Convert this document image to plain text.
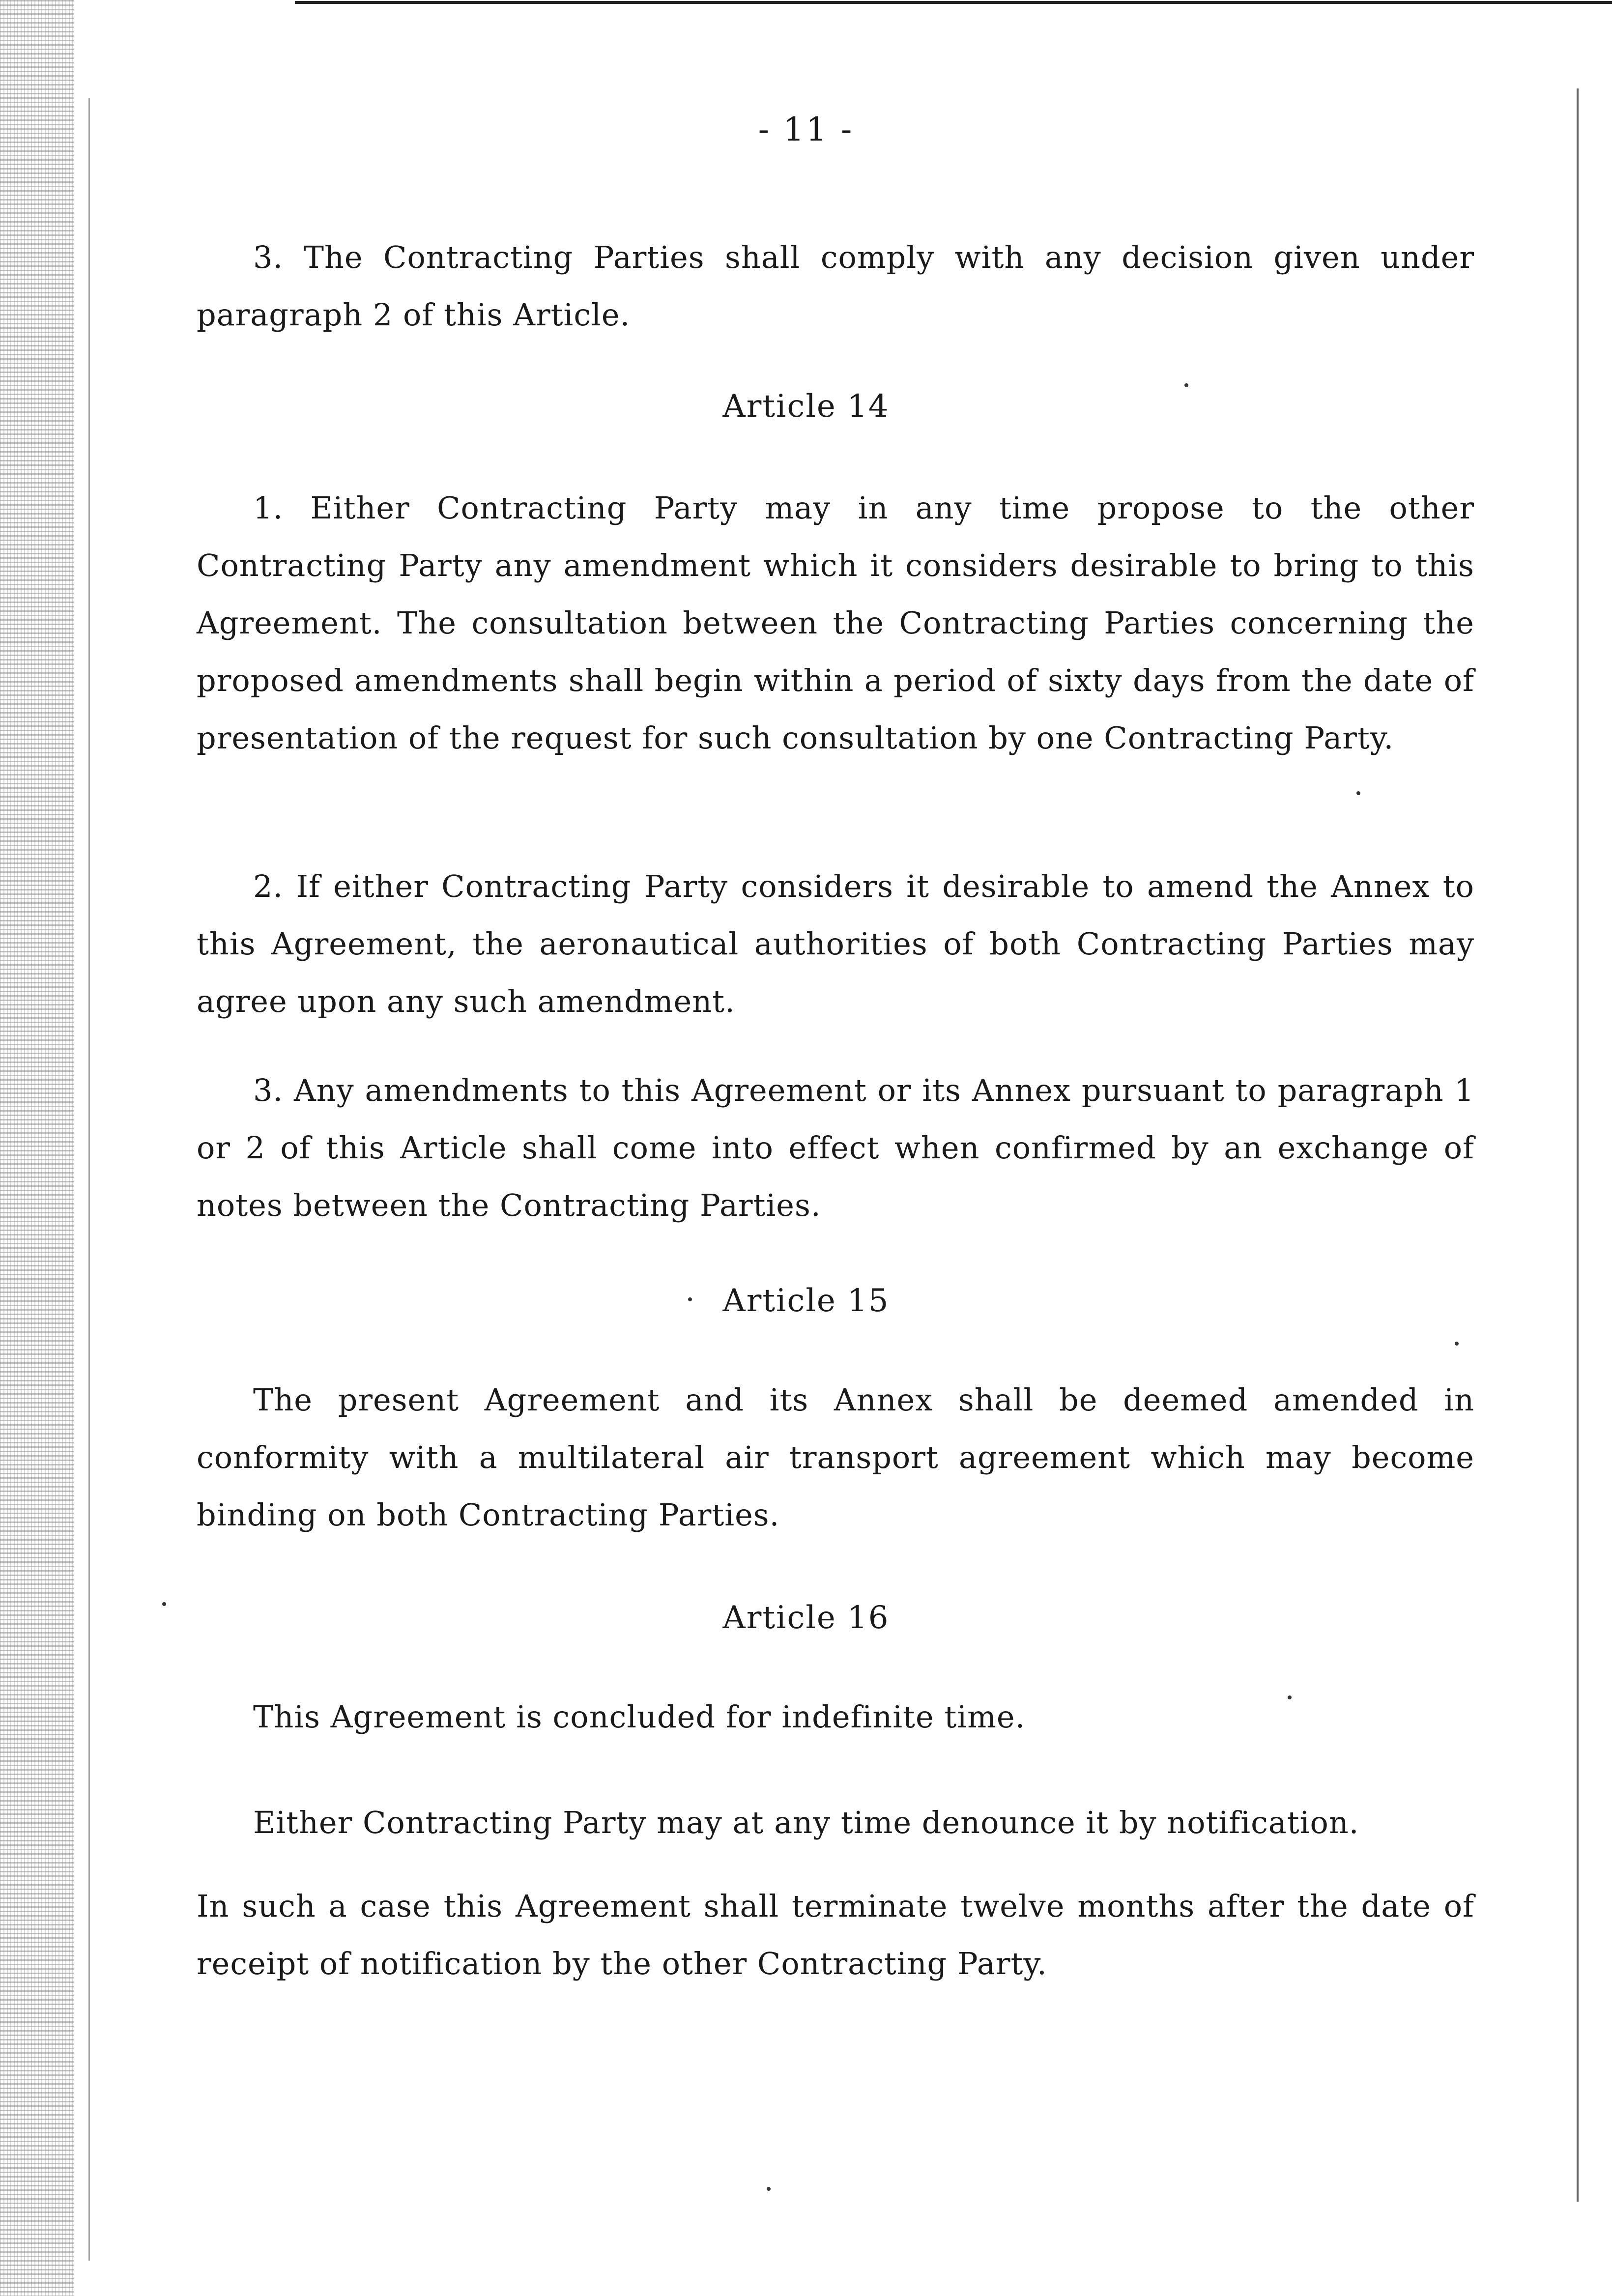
- 11 -
3. The Contracting Parties shall comply with any decision given under paragraph 2 of this Article.
Article 14
1. Either Contracting Party may in any time propose to the other Contracting Party any amendment which it considers desirable to bring to this Agreement. The consultation between the Contracting Parties concerning the proposed amendments shall begin within a period of sixty days from the date of presentation of the request for such consultation by one Contracting Party.
2. If either Contracting Party considers it desirable to amend the Annex to this Agreement, the aeronautical authorities of both Contracting Parties may agree upon any such amendment.
3. Any amendments to this Agreement or its Annex pursuant to paragraph 1 or 2 of this Article shall come into effect when confirmed by an exchange of notes between the Contracting Parties.
Article 15
The present Agreement and its Annex shall be deemed amended in conformity with a multilateral air transport agreement which may become binding on both Contracting Parties.
Article 16
This Agreement is concluded for indefinite time.
Either Contracting Party may at any time denounce it by notification.
In such a case this Agreement shall terminate twelve months after the date of receipt of notification by the other Contracting Party.
